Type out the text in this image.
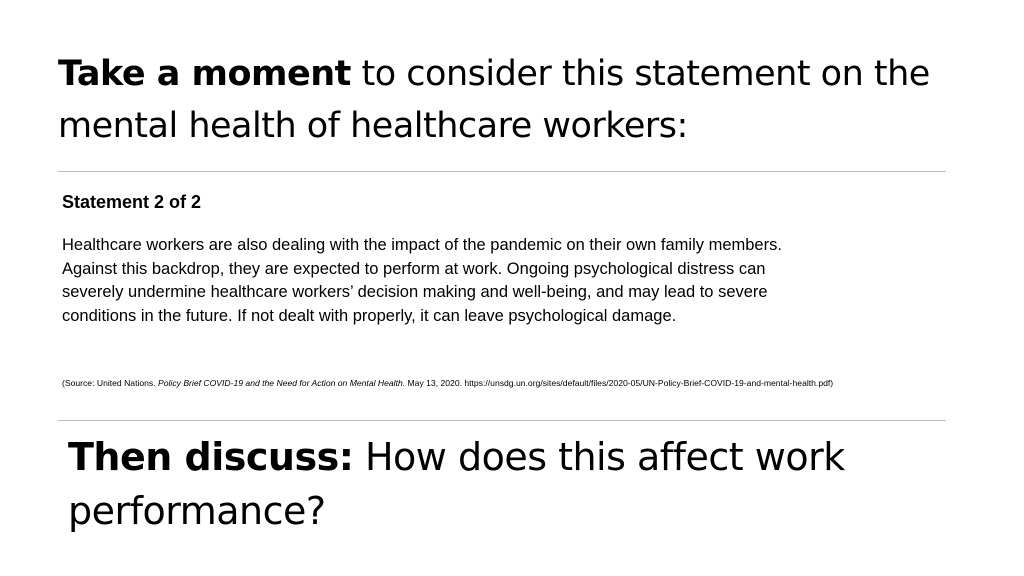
Take a moment to consider this statement on the mental health of healthcare workers:

Statement 2 of 2

Healthcare workers are also dealing with the impact of the pandemic on their own family members.
Against this backdrop, they are expected to perform at work. Ongoing psychological distress can
severely undermine healthcare workers’ decision making and well-being, and may lead to severe
conditions in the future. If not dealt with properly, it can leave psychological damage.

(Source: United Nations. Policy Brief COVID-19 and the Need for Action on Mental Health. May 13, 2020. https://unsdg.un.org/sites/default/files/2020-05/UN-Policy-Brief-COVID-19-and-mental-health.pdf)

Then discuss: How does this affect work performance?
